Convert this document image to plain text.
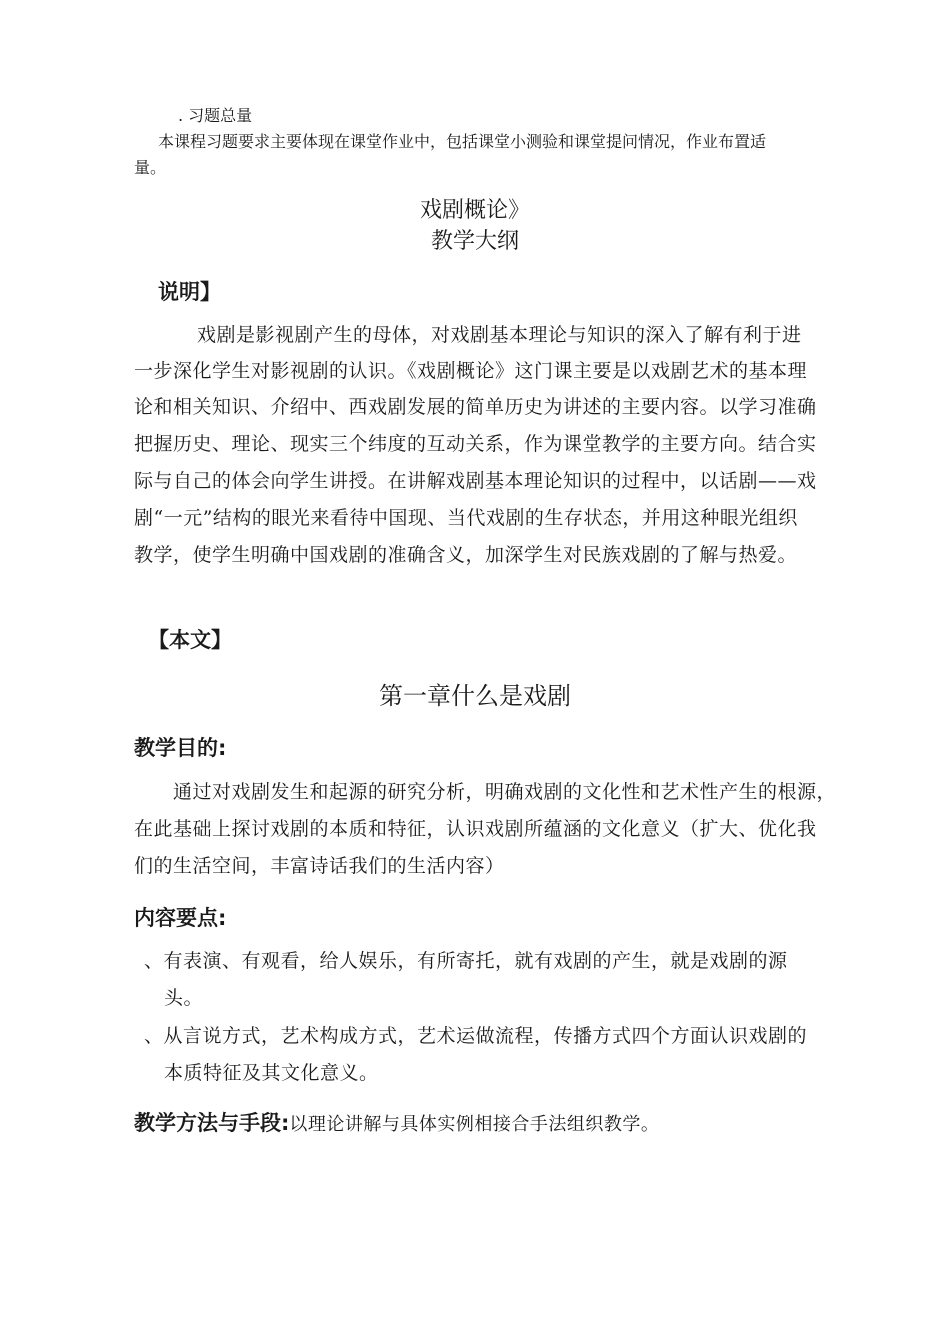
. 习题总量
本课程习题要求主要体现在课堂作业中，包括课堂小测验和课堂提问情况，作业布置适
量。
戏剧概论》
教学大纲
说明】
戏剧是影视剧产生的母体，对戏剧基本理论与知识的深入了解有利于进
一步深化学生对影视剧的认识。《戏剧概论》这门课主要是以戏剧艺术的基本理
论和相关知识、介绍中、西戏剧发展的简单历史为讲述的主要内容。以学习准确
把握历史、理论、现实三个纬度的互动关系，作为课堂教学的主要方向。结合实
际与自己的体会向学生讲授。在讲解戏剧基本理论知识的过程中，以话剧——戏
剧“一元”结构的眼光来看待中国现、当代戏剧的生存状态，并用这种眼光组织
教学，使学生明确中国戏剧的准确含义，加深学生对民族戏剧的了解与热爱。
【本文】
第一章什么是戏剧
教学目的:
通过对戏剧发生和起源的研究分析，明确戏剧的文化性和艺术性产生的根源，
在此基础上探讨戏剧的本质和特征，认识戏剧所蕴涵的文化意义（扩大、优化我
们的生活空间，丰富诗话我们的生活内容）
内容要点:
、有表演、有观看，给人娱乐，有所寄托，就有戏剧的产生，就是戏剧的源
头。
、从言说方式，艺术构成方式，艺术运做流程，传播方式四个方面认识戏剧的
本质特征及其文化意义。
教学方法与手段:以理论讲解与具体实例相接合手法组织教学。
